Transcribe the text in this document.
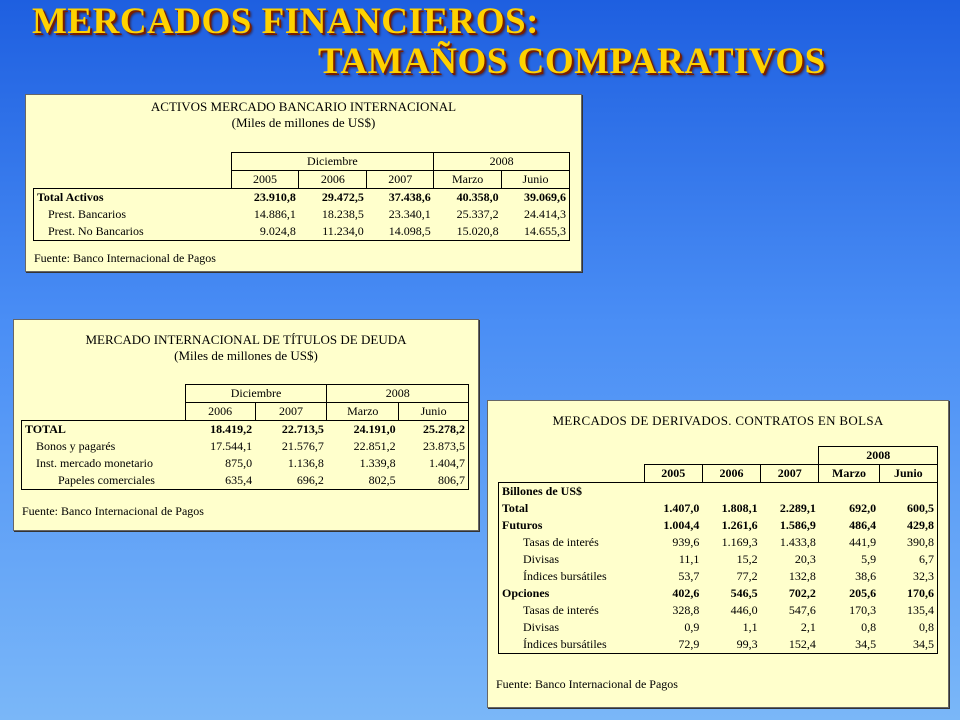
MERCADOS FINANCIEROS:
TAMAÑOS COMPARATIVOS
ACTIVOS MERCADO BANCARIO INTERNACIONAL
(Miles de millones de US$)
	Diciembre			2008	
	2005	2006	2007	Marzo	Junio
Total Activos	23.910,8	29.472,5	37.438,6	40.358,0	39.069,6
Prest. Bancarios	14.886,1	18.238,5	23.340,1	25.337,2	24.414,3
Prest. No Bancarios	9.024,8	11.234,0	14.098,5	15.020,8	14.655,3
Fuente: Banco Internacional de Pagos
MERCADO INTERNACIONAL DE TÍTULOS DE DEUDA
(Miles de millones de US$)
	Diciembre		2008	
	2006	2007	Marzo	Junio
TOTAL	18.419,2	22.713,5	24.191,0	25.278,2
Bonos y pagarés	17.544,1	21.576,7	22.851,2	23.873,5
Inst. mercado monetario	875,0	1.136,8	1.339,8	1.404,7
Papeles comerciales	635,4	696,2	802,5	806,7
Fuente: Banco Internacional de Pagos
MERCADOS DE DERIVADOS. CONTRATOS EN BOLSA
				2008	
	2005	2006	2007	Marzo	Junio
Billones de US$					
Total	1.407,0	1.808,1	2.289,1	692,0	600,5
Futuros	1.004,4	1.261,6	1.586,9	486,4	429,8
Tasas de interés	939,6	1.169,3	1.433,8	441,9	390,8
Divisas	11,1	15,2	20,3	5,9	6,7
Índices bursátiles	53,7	77,2	132,8	38,6	32,3
Opciones	402,6	546,5	702,2	205,6	170,6
Tasas de interés	328,8	446,0	547,6	170,3	135,4
Divisas	0,9	1,1	2,1	0,8	0,8
Índices bursátiles	72,9	99,3	152,4	34,5	34,5
Fuente: Banco Internacional de Pagos
